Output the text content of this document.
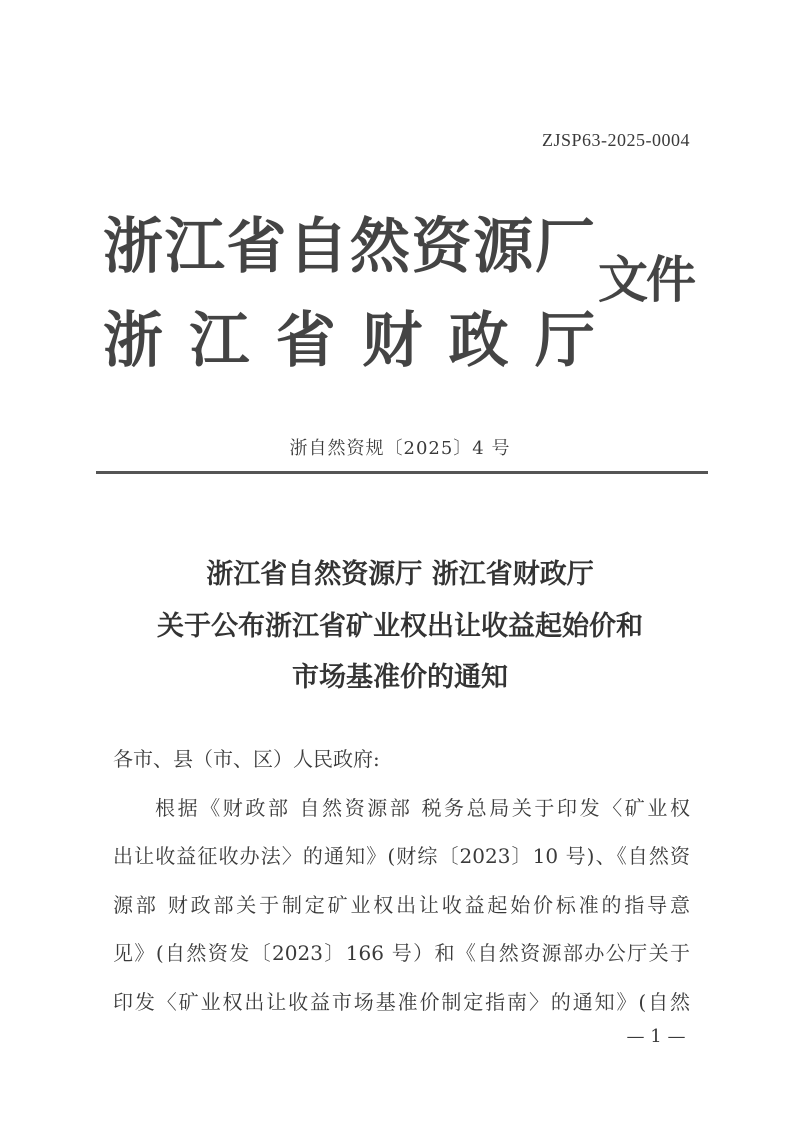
ZJSP63-2025-0004
浙 江 省 自 然 资 源 厂
浙 江 省 财 政 厅
文件
浙自然资规〔2025〕4 号
浙江省自然资源厅 浙江省财政厅
关于公布浙江省矿业权出让收益起始价和
市场基准价的通知
各市、县（市、区）人民政府:
根据《财政部 自然资源部 税务总局关于印发〈矿业权
出让收益征收办法〉的通知》(财综〔2023〕10 号)、《自然资
源部 财政部关于制定矿业权出让收益起始价标准的指导意
见》(自然资发〔2023〕166 号）和《自然资源部办公厅关于
印发〈矿业权出让收益市场基准价制定指南〉的通知》(自然
— 1 —
